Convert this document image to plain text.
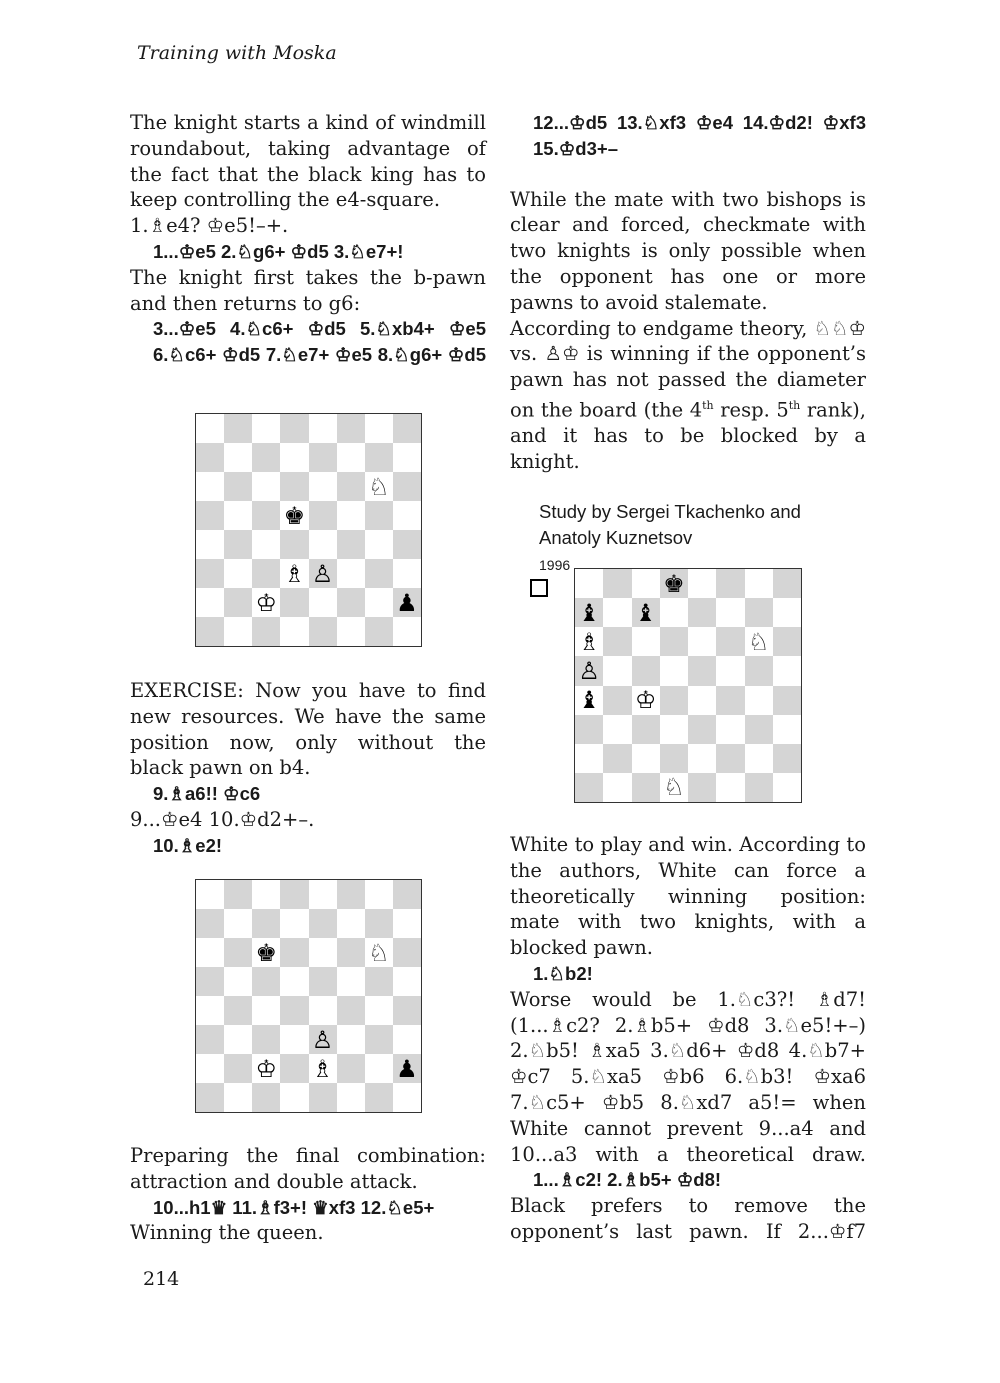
Training with Moska

The knight starts a kind of windmill roundabout, taking advantage of the fact that the black king has to keep controlling the e4-square.

1.♗e4? ♔e5!–+.

1...♔e5 2.♘g6+ ♔d5 3.♘e7+!

The knight first takes the b-pawn and then returns to g6:

3...♔e5 4.♘c6+ ♔d5 5.♘xb4+ ♔e5 6.♘c6+ ♔d5 7.♘e7+ ♔e5 8.♘g6+ ♔d5

♘
♚
♗ ♙
♔	♟

EXERCISE: Now you have to find new resources. We have the same position now, only without the black pawn on b4.

9.♗a6!! ♔c6

9...♔e4 10.♔d2+–.

10.♗e2!

♚	♘
♙
♔ ♗	♟

Preparing the final combination: attraction and double attack.

10...h1♛ 11.♗f3+! ♛xf3 12.♘e5+

Winning the queen.

12...♔d5 13.♘xf3 ♔e4 14.♔d2! ♔xf3 15.♔d3+–

While the mate with two bishops is clear and forced, checkmate with two knights is only possible when the opponent has one or more pawns to avoid stalemate.

According to endgame theory, ♘♘♔ vs. ♙♔ is winning if the opponent’s pawn has not passed the diameter on the board (the 4th resp. 5th rank), and it has to be blocked by a knight.

Study by Sergei Tkachenko and
Anatoly Kuznetsov

1996

♚
♝ ♝
♗	♘
♙
♝ ♔
♘

White to play and win. According to the authors, White can force a theoretically winning position: mate with two knights, with a blocked pawn.

1.♘b2!

Worse would be 1.♘c3?! ♗d7! (1...♗c2? 2.♗b5+ ♔d8 3.♘e5!+–) 2.♘b5! ♗xa5 3.♘d6+ ♔d8 4.♘b7+ ♔c7 5.♘xa5 ♔b6 6.♘b3! ♔xa6 7.♘c5+ ♔b5 8.♘xd7 a5!= when White cannot prevent 9...a4 and 10...a3 with a theoretical draw.

1...♗c2! 2.♗b5+ ♔d8!

Black prefers to remove the opponent’s last pawn. If 2...♔f7

214
